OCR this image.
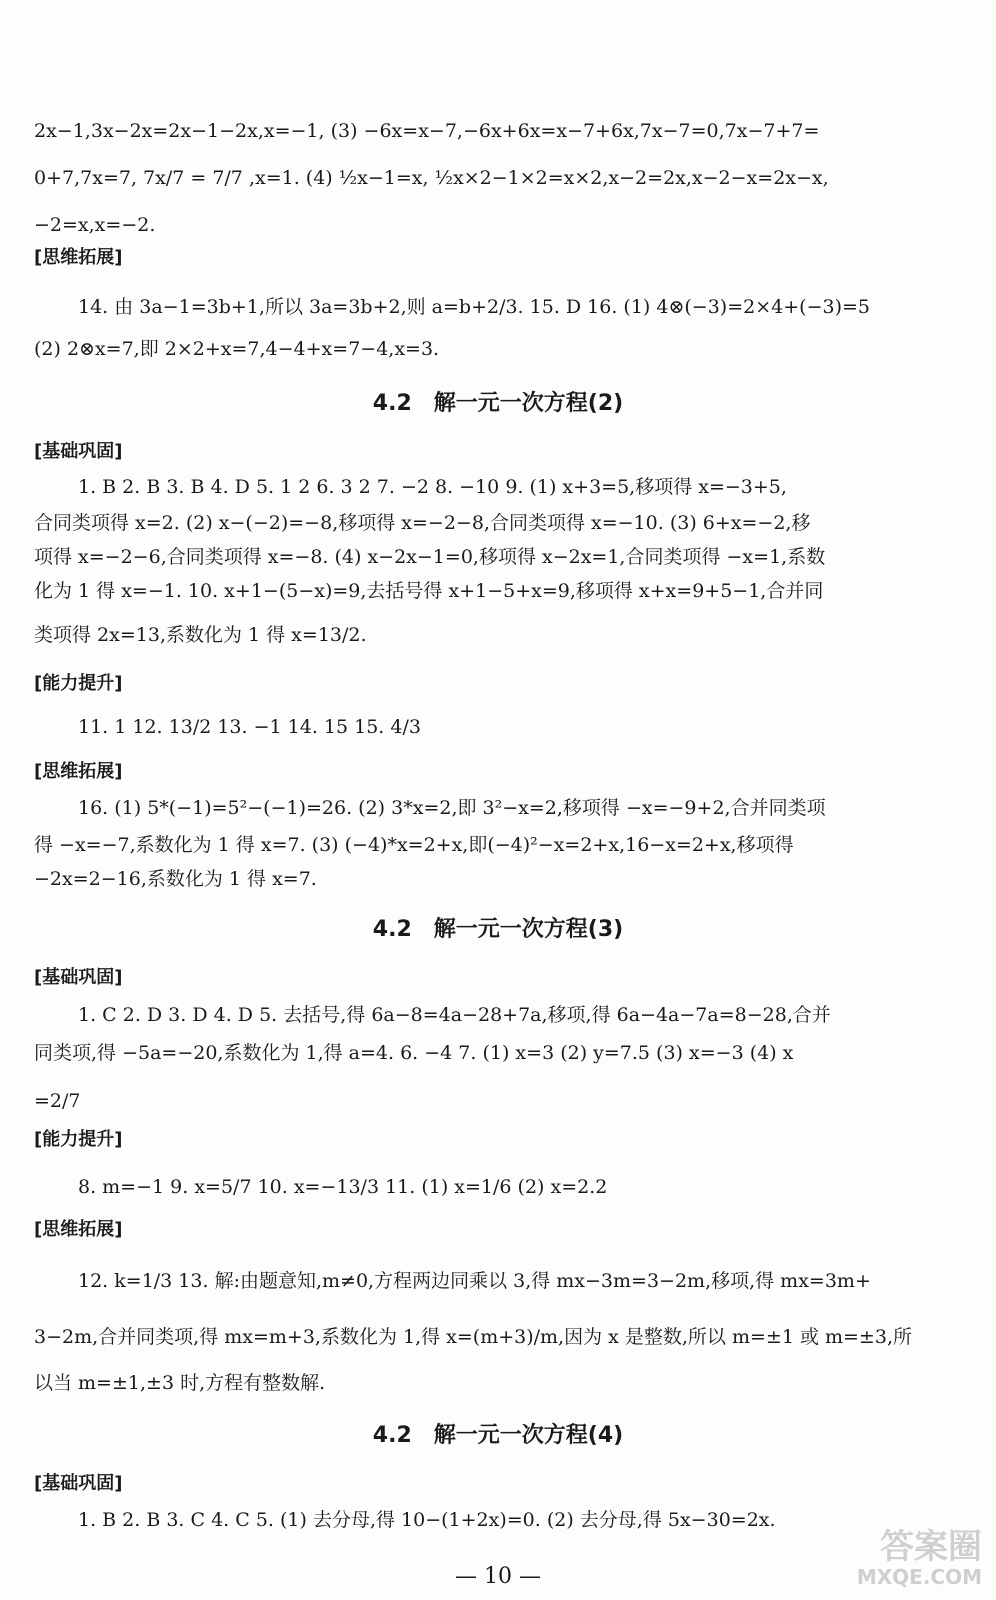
2x−1,3x−2x=2x−1−2x,x=−1, (3) −6x=x−7,−6x+6x=x−7+6x,7x−7=0,7x−7+7=
0+7,7x=7, 7x/7 = 7/7 ,x=1. (4) ½x−1=x, ½x×2−1×2=x×2,x−2=2x,x−2−x=2x−x,
−2=x,x=−2.
[思维拓展]
14. 由 3a−1=3b+1,所以 3a=3b+2,则 a=b+2/3. 15. D 16. (1) 4⊗(−3)=2×4+(−3)=5
(2) 2⊗x=7,即 2×2+x=7,4−4+x=7−4,x=3.
4.2　解一元一次方程(2)
[基础巩固]
1. B 2. B 3. B 4. D 5. 1 2 6. 3 2 7. −2 8. −10 9. (1) x+3=5,移项得 x=−3+5,
合同类项得 x=2. (2) x−(−2)=−8,移项得 x=−2−8,合同类项得 x=−10. (3) 6+x=−2,移
项得 x=−2−6,合同类项得 x=−8. (4) x−2x−1=0,移项得 x−2x=1,合同类项得 −x=1,系数
化为 1 得 x=−1. 10. x+1−(5−x)=9,去括号得 x+1−5+x=9,移项得 x+x=9+5−1,合并同
类项得 2x=13,系数化为 1 得 x=13/2.
[能力提升]
11. 1 12. 13/2 13. −1 14. 15 15. 4/3
[思维拓展]
16. (1) 5*(−1)=5²−(−1)=26. (2) 3*x=2,即 3²−x=2,移项得 −x=−9+2,合并同类项
得 −x=−7,系数化为 1 得 x=7. (3) (−4)*x=2+x,即(−4)²−x=2+x,16−x=2+x,移项得
−2x=2−16,系数化为 1 得 x=7.
4.2　解一元一次方程(3)
[基础巩固]
1. C 2. D 3. D 4. D 5. 去括号,得 6a−8=4a−28+7a,移项,得 6a−4a−7a=8−28,合并
同类项,得 −5a=−20,系数化为 1,得 a=4. 6. −4 7. (1) x=3 (2) y=7.5 (3) x=−3 (4) x
=2/7
[能力提升]
8. m=−1 9. x=5/7 10. x=−13/3 11. (1) x=1/6 (2) x=2.2
[思维拓展]
12. k=1/3 13. 解:由题意知,m≠0,方程两边同乘以 3,得 mx−3m=3−2m,移项,得 mx=3m+
3−2m,合并同类项,得 mx=m+3,系数化为 1,得 x=(m+3)/m,因为 x 是整数,所以 m=±1 或 m=±3,所
以当 m=±1,±3 时,方程有整数解.
4.2　解一元一次方程(4)
[基础巩固]
1. B 2. B 3. C 4. C 5. (1) 去分母,得 10−(1+2x)=0. (2) 去分母,得 5x−30=2x.
— 10 —
答案圈
MXQE.COM
